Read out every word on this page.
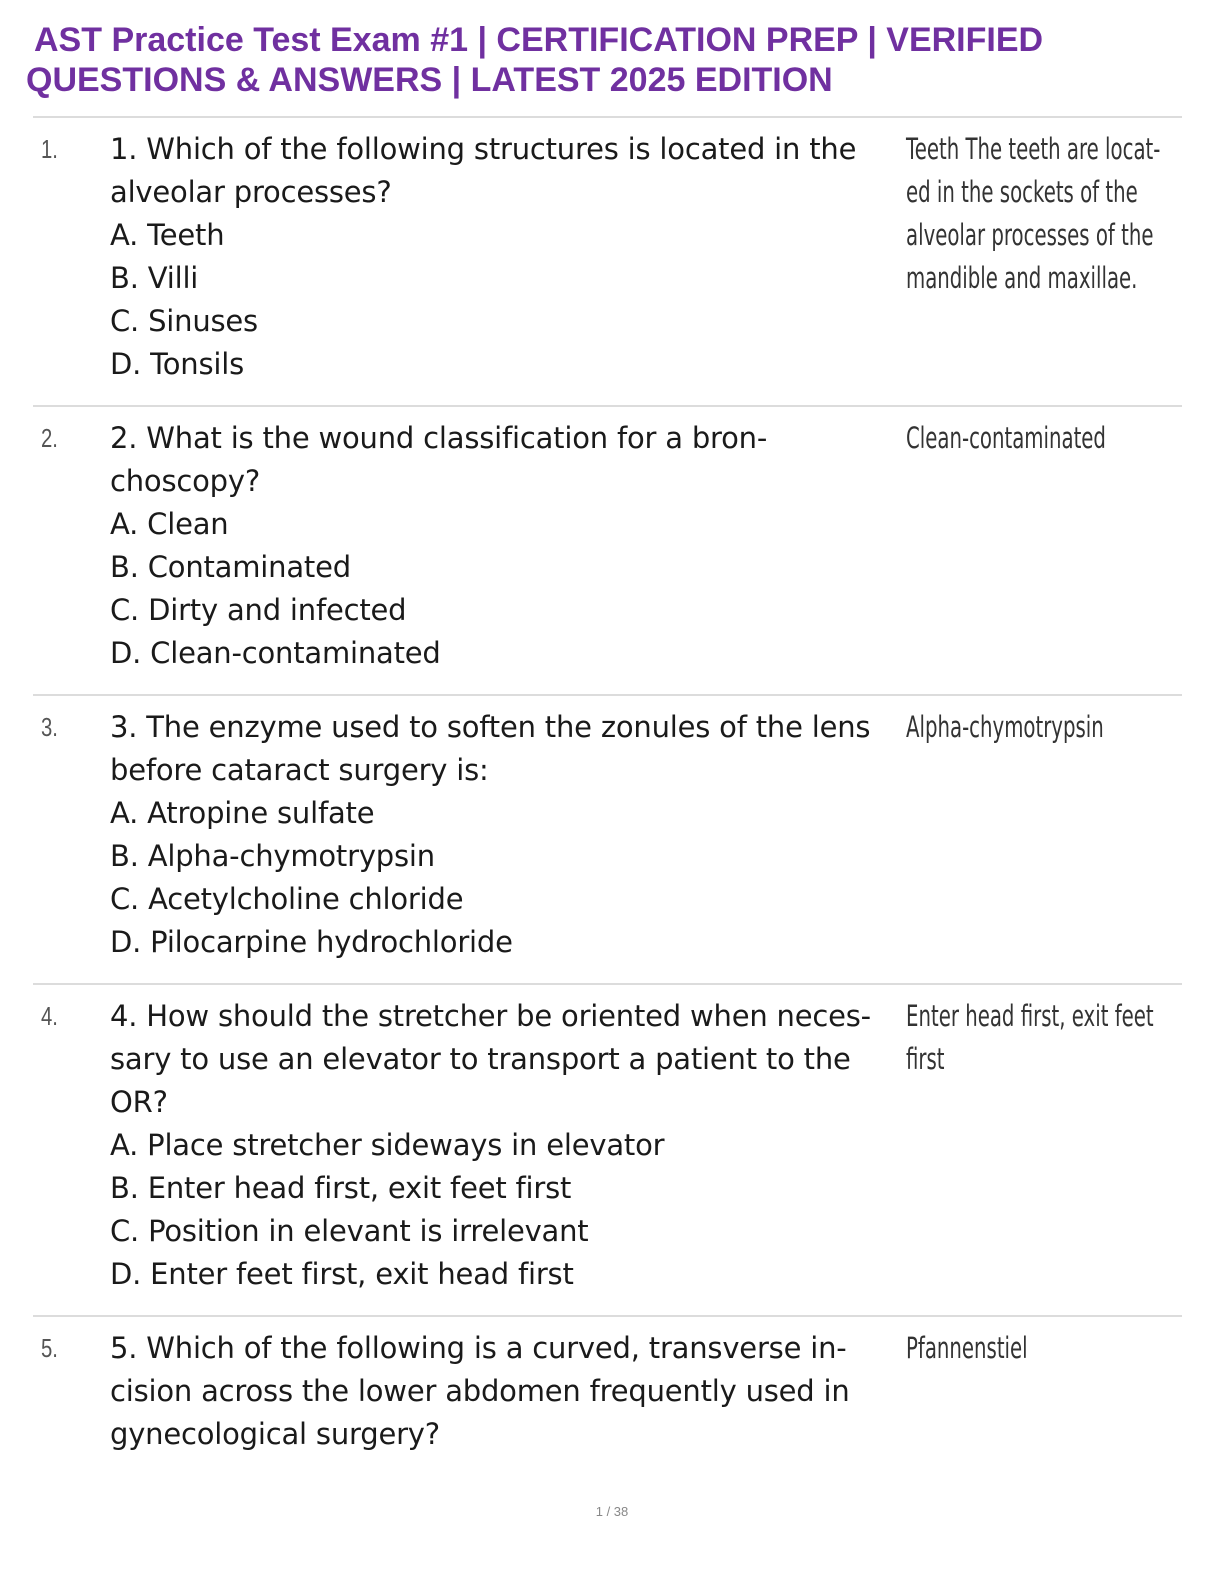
AST Practice Test Exam #1 | CERTIFICATION PREP | VERIFIED
QUESTIONS & ANSWERS | LATEST 2025 EDITION
1. 1. Which of the following structures is located in the
alveolar processes?
A. Teeth
B. Villi
C. Sinuses
D. Tonsils
Teeth The teeth are locat-
ed in the sockets of the
alveolar processes of the
mandible and maxillae.
2. 2. What is the wound classification for a bron-
choscopy?
A. Clean
B. Contaminated
C. Dirty and infected
D. Clean-contaminated
Clean-contaminated
3. 3. The enzyme used to soften the zonules of the lens
before cataract surgery is:
A. Atropine sulfate
B. Alpha-chymotrypsin
C. Acetylcholine chloride
D. Pilocarpine hydrochloride
Alpha-chymotrypsin
4. 4. How should the stretcher be oriented when neces-
sary to use an elevator to transport a patient to the
OR?
A. Place stretcher sideways in elevator
B. Enter head first, exit feet first
C. Position in elevant is irrelevant
D. Enter feet first, exit head first
Enter head first, exit feet
first
5. 5. Which of the following is a curved, transverse in-
cision across the lower abdomen frequently used in
gynecological surgery?
Pfannenstiel
1 / 38
